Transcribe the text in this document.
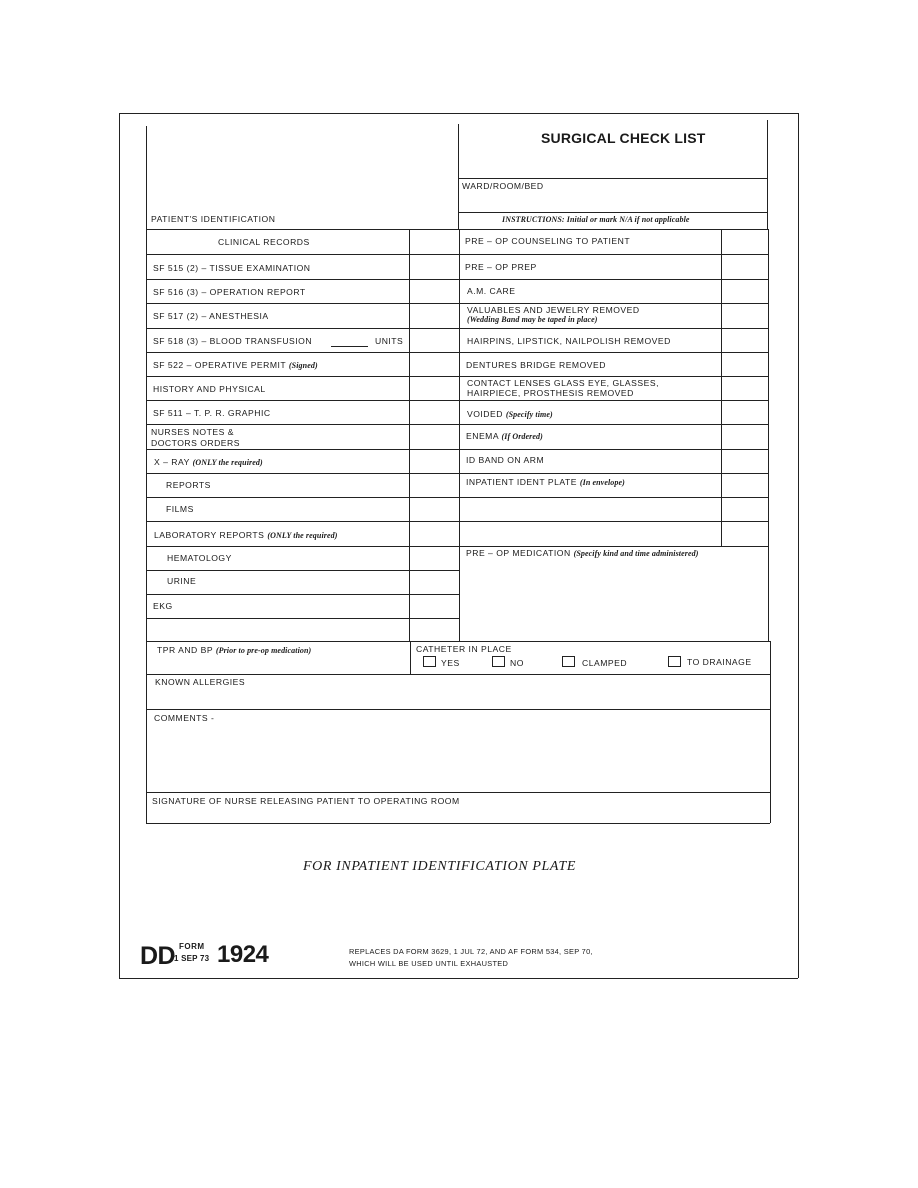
SURGICAL CHECK LIST
WARD/ROOM/BED
PATIENT'S IDENTIFICATION	INSTRUCTIONS: Initial or mark N/A if not applicable
CLINICAL RECORDS
SF 515 (2) – TISSUE EXAMINATION
SF 516 (3) – OPERATION REPORT
SF 517 (2) – ANESTHESIA
SF 518 (3) – BLOOD TRANSFUSION	UNITS
SF 522 – OPERATIVE PERMIT (Signed)
HISTORY AND PHYSICAL
SF 511 – T. P. R. GRAPHIC
NURSES NOTES &
DOCTORS ORDERS
X – RAY (ONLY the required)
REPORTS
FILMS
LABORATORY REPORTS (ONLY the required)
HEMATOLOGY
URINE
EKG
PRE – OP COUNSELING TO PATIENT
PRE – OP PREP
A.M. CARE
VALUABLES AND JEWELRY REMOVED
(Wedding Band may be taped in place)
HAIRPINS, LIPSTICK, NAILPOLISH REMOVED
DENTURES BRIDGE REMOVED
CONTACT LENSES GLASS EYE, GLASSES,
HAIRPIECE, PROSTHESIS REMOVED
VOIDED (Specify time)
ENEMA (If Ordered)
ID BAND ON ARM
INPATIENT IDENT PLATE (In envelope)
PRE – OP MEDICATION (Specify kind and time administered)
TPR AND BP (Prior to pre-op medication)	CATHETER IN PLACE
YES	NO	CLAMPED	TO DRAINAGE
KNOWN ALLERGIES
COMMENTS -
SIGNATURE OF NURSE RELEASING PATIENT TO OPERATING ROOM
FOR INPATIENT IDENTIFICATION PLATE
DD FORM
1 SEP 73 1924	REPLACES DA FORM 3629, 1 JUL 72, AND AF FORM 534, SEP 70,
WHICH WILL BE USED UNTIL EXHAUSTED
